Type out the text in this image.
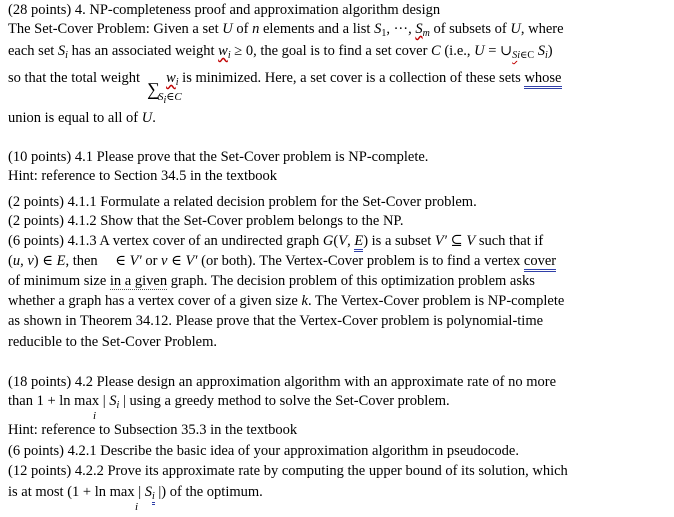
(28 points) 4. NP-completeness proof and approximation algorithm design
The Set-Cover Problem: Given a set U of n elements and a list $S_1$, ···, $S_m$ of subsets of U, where
each set $S_i$ has an associated weight $w_i \ge 0$, the goal is to find a set cover C (i.e., $U = \cup_{Si\in C}$ $S_i$)
so that the total weight
∑
$w_i$ is minimized. Here, a set cover is a collection of these sets whose
Si∈C
union is equal to all of U.
(10 points) 4.1 Please prove that the Set-Cover problem is NP-complete.
Hint: reference to Section 34.5 in the textbook
(2 points) 4.1.1 Formulate a related decision problem for the Set-Cover problem.
(2 points) 4.1.2 Show that the Set-Cover problem belongs to the NP.
(6 points) 4.1.3 A vertex cover of an undirected graph G(V, E) is a subset V′ ⊆ V such that if
(u, v) ∈ E, then ∈ V′ or v ∈ V′ (or both). The Vertex-Cover problem is to find a vertex cover
of minimum size in a given graph. The decision problem of this optimization problem asks
whether a graph has a vertex cover of a given size k. The Vertex-Cover problem is NP-complete
as shown in Theorem 34.12. Please prove that the Vertex-Cover problem is polynomial-time
reducible to the Set-Cover Problem.
(18 points) 4.2 Please design an approximation algorithm with an approximate rate of no more
than 1 + ln max | $S_i$ | using a greedy method to solve the Set-Cover problem.
i
Hint: reference to Subsection 35.3 in the textbook
(6 points) 4.2.1 Describe the basic idea of your approximation algorithm in pseudocode.
(12 points) 4.2.2 Prove its approximate rate by computing the upper bound of its solution, which
is at most (1 + ln max | $S_i$ |) of the optimum.
i
